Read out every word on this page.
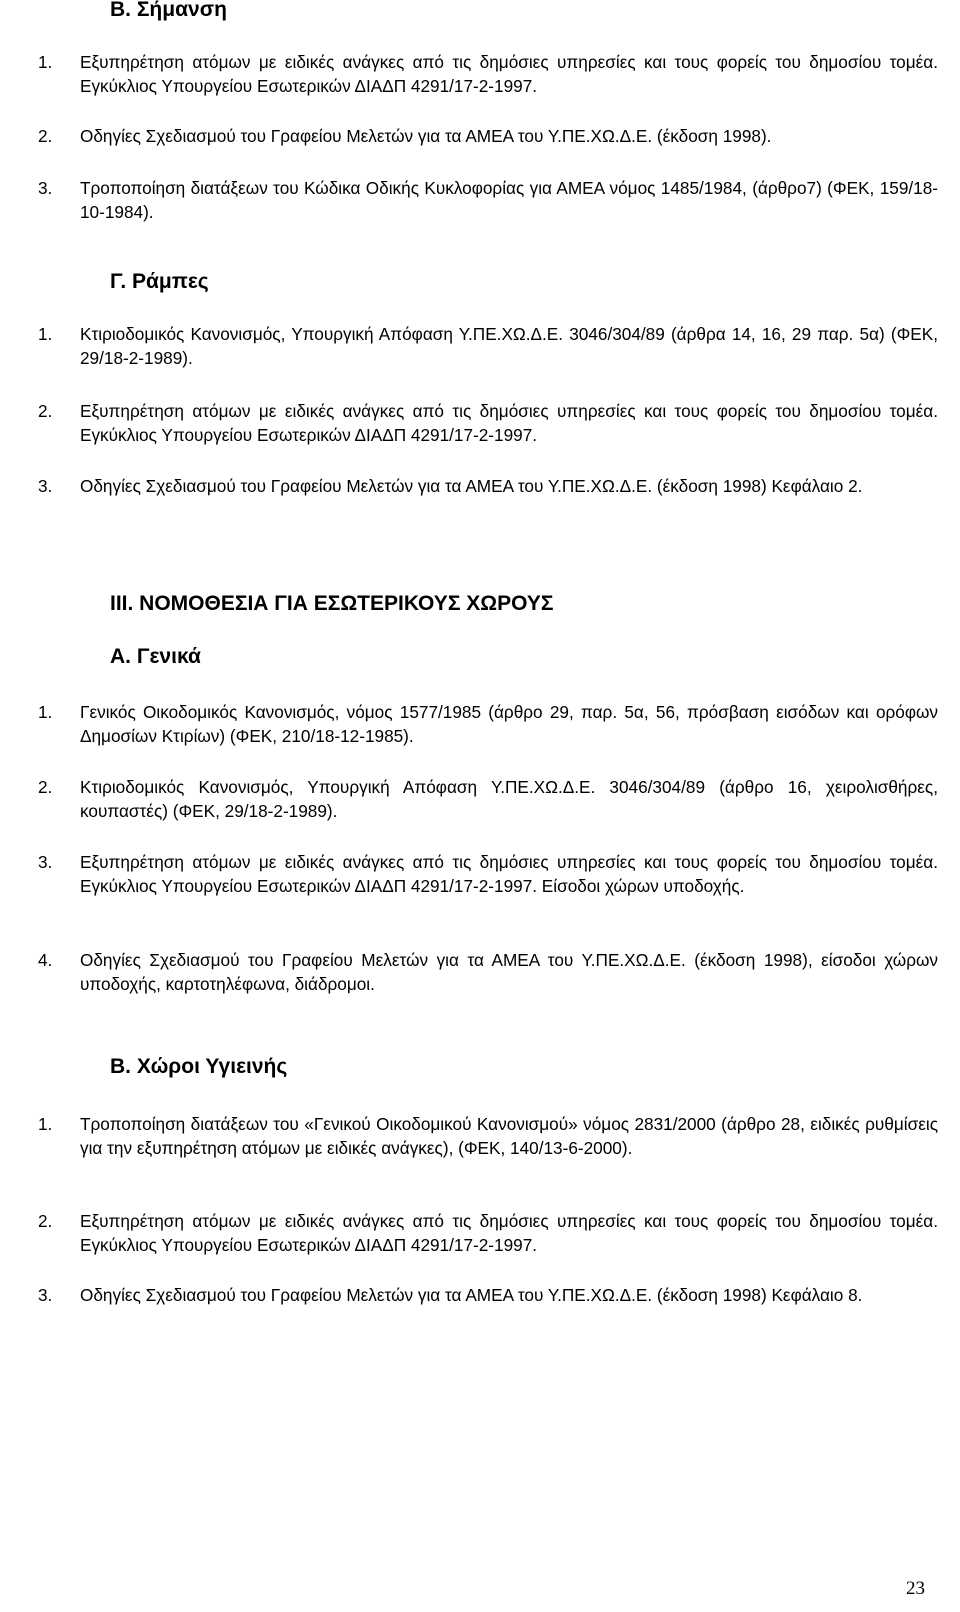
Β. Σήμανση
1. Εξυπηρέτηση ατόμων με ειδικές ανάγκες από τις δημόσιες υπηρεσίες και τους φορείς του δημοσίου τομέα. Εγκύκλιος Υπουργείου Εσωτερικών ΔΙΑΔΠ 4291/17-2-1997.
2. Οδηγίες Σχεδιασμού του Γραφείου Μελετών για τα ΑΜΕΑ του Υ.ΠΕ.ΧΩ.Δ.Ε. (έκδοση 1998).
3. Τροποποίηση διατάξεων του Κώδικα Οδικής Κυκλοφορίας για ΑΜΕΑ νόμος 1485/1984, (άρθρο7) (ΦΕΚ, 159/18-10-1984).
Γ. Ράμπες
1. Κτιριοδομικός Κανονισμός, Υπουργική Απόφαση Υ.ΠΕ.ΧΩ.Δ.Ε. 3046/304/89 (άρθρα 14, 16, 29 παρ. 5α) (ΦΕΚ, 29/18-2-1989).
2. Εξυπηρέτηση ατόμων με ειδικές ανάγκες από τις δημόσιες υπηρεσίες και τους φορείς του δημοσίου τομέα. Εγκύκλιος Υπουργείου Εσωτερικών ΔΙΑΔΠ 4291/17-2-1997.
3. Οδηγίες Σχεδιασμού του Γραφείου Μελετών για τα ΑΜΕΑ του Υ.ΠΕ.ΧΩ.Δ.Ε. (έκδοση 1998) Κεφάλαιο 2.
ΙΙΙ. ΝΟΜΟΘΕΣΙΑ ΓΙΑ ΕΣΩΤΕΡΙΚΟΥΣ ΧΩΡΟΥΣ
Α. Γενικά
1. Γενικός Οικοδομικός Κανονισμός, νόμος 1577/1985 (άρθρο 29, παρ. 5α, 56, πρόσβαση εισόδων και ορόφων Δημοσίων Κτιρίων) (ΦΕΚ, 210/18-12-1985).
2. Κτιριοδομικός Κανονισμός, Υπουργική Απόφαση Υ.ΠΕ.ΧΩ.Δ.Ε. 3046/304/89 (άρθρο 16, χειρολισθήρες, κουπαστές) (ΦΕΚ, 29/18-2-1989).
3. Εξυπηρέτηση ατόμων με ειδικές ανάγκες από τις δημόσιες υπηρεσίες και τους φορείς του δημοσίου τομέα. Εγκύκλιος Υπουργείου Εσωτερικών ΔΙΑΔΠ 4291/17-2-1997. Είσοδοι χώρων υποδοχής.
4. Οδηγίες Σχεδιασμού του Γραφείου Μελετών για τα ΑΜΕΑ του Υ.ΠΕ.ΧΩ.Δ.Ε. (έκδοση 1998), είσοδοι χώρων υποδοχής, καρτοτηλέφωνα, διάδρομοι.
Β. Χώροι Υγιεινής
1. Τροποποίηση διατάξεων του «Γενικού Οικοδομικού Κανονισμού» νόμος 2831/2000 (άρθρο 28, ειδικές ρυθμίσεις για την εξυπηρέτηση ατόμων με ειδικές ανάγκες), (ΦΕΚ, 140/13-6-2000).
2. Εξυπηρέτηση ατόμων με ειδικές ανάγκες από τις δημόσιες υπηρεσίες και τους φορείς του δημοσίου τομέα. Εγκύκλιος Υπουργείου Εσωτερικών ΔΙΑΔΠ 4291/17-2-1997.
3. Οδηγίες Σχεδιασμού του Γραφείου Μελετών για τα ΑΜΕΑ του Υ.ΠΕ.ΧΩ.Δ.Ε. (έκδοση 1998) Κεφάλαιο 8.
23
